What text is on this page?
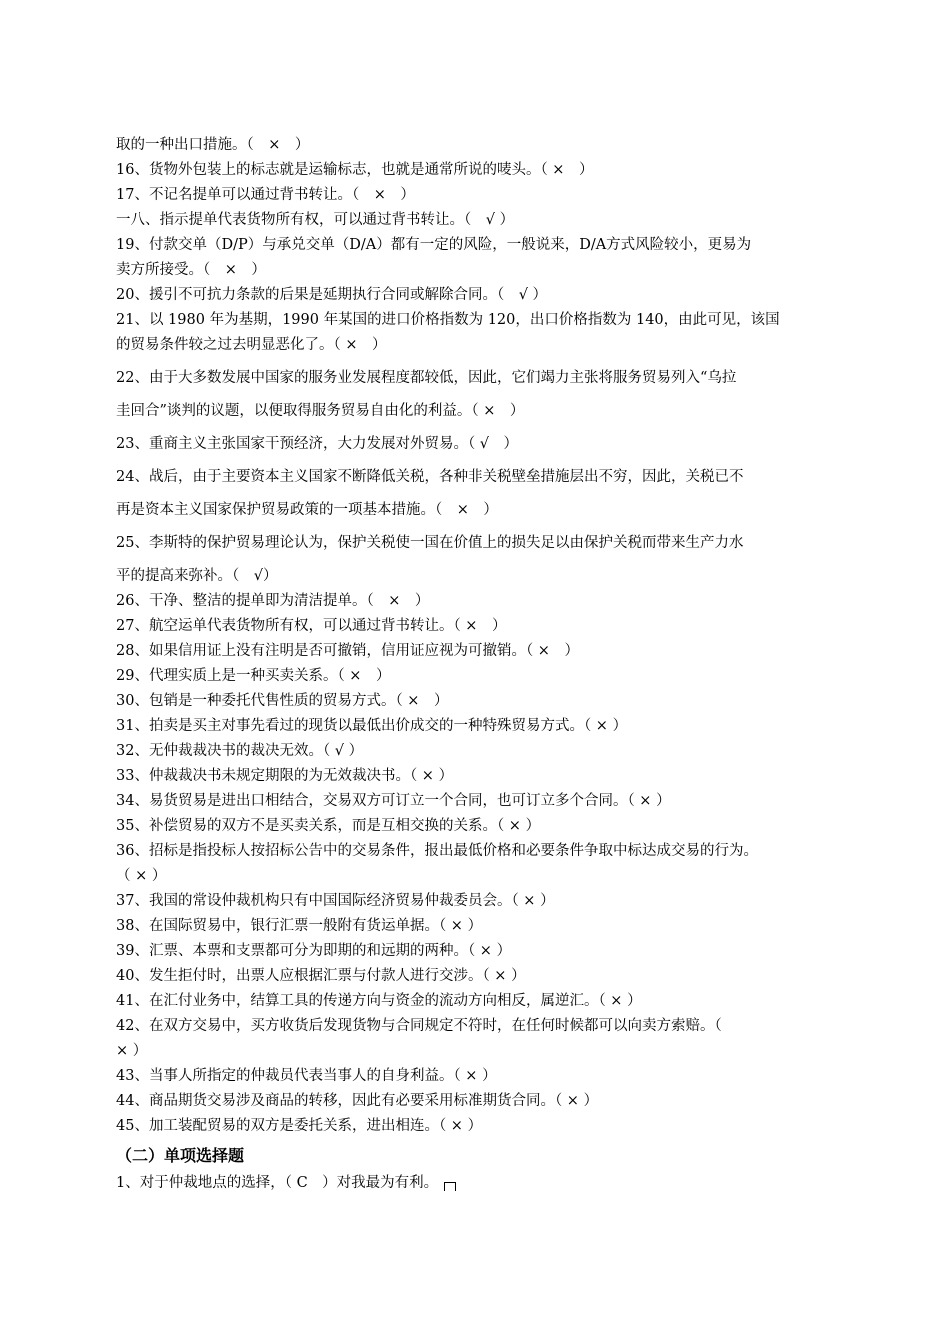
取的一种出口措施。（　×　）
16、货物外包装上的标志就是运输标志，也就是通常所说的唛头。（ ×　）
17、不记名提单可以通过背书转让。（　×　）
一八、指示提单代表货物所有权，可以通过背书转让。（　√ ）
19、付款交单（D/P）与承兑交单（D/A）都有一定的风险，一般说来，D/A方式风险较小，更易为
卖方所接受。（　×　）
20、援引不可抗力条款的后果是延期执行合同或解除合同。（　√ ）
21、以 1980 年为基期，1990 年某国的进口价格指数为 120，出口价格指数为 140，由此可见，该国
的贸易条件较之过去明显恶化了。（ ×　）
22、由于大多数发展中国家的服务业发展程度都较低，因此，它们竭力主张将服务贸易列入“乌拉
圭回合”谈判的议题，以便取得服务贸易自由化的利益。（ ×　）
23、重商主义主张国家干预经济，大力发展对外贸易。（ √　）
24、战后，由于主要资本主义国家不断降低关税，各种非关税壁垒措施层出不穷，因此，关税已不
再是资本主义国家保护贸易政策的一项基本措施。（　×　）
25、李斯特的保护贸易理论认为，保护关税使一国在价值上的损失足以由保护关税而带来生产力水
平的提高来弥补。（　√）
26、干净、整洁的提单即为清洁提单。（　×　）
27、航空运单代表货物所有权，可以通过背书转让。（ ×　）
28、如果信用证上没有注明是否可撤销，信用证应视为可撤销。（ ×　）
29、代理实质上是一种买卖关系。（ ×　）
30、包销是一种委托代售性质的贸易方式。（ ×　）
31、拍卖是买主对事先看过的现货以最低出价成交的一种特殊贸易方式。（ × ）
32、无仲裁裁决书的裁决无效。（ √ ）
33、仲裁裁决书未规定期限的为无效裁决书。（ × ）
34、易货贸易是进出口相结合，交易双方可订立一个合同，也可订立多个合同。（ × ）
35、补偿贸易的双方不是买卖关系，而是互相交换的关系。（ × ）
36、招标是指投标人按招标公告中的交易条件，报出最低价格和必要条件争取中标达成交易的行为。
（ × ）
37、我国的常设仲裁机构只有中国国际经济贸易仲裁委员会。（ × ）
38、在国际贸易中，银行汇票一般附有货运单据。（ × ）
39、汇票、本票和支票都可分为即期的和远期的两种。（ × ）
40、发生拒付时，出票人应根据汇票与付款人进行交涉。（ × ）
41、在汇付业务中，结算工具的传递方向与资金的流动方向相反，属逆汇。（ × ）
42、在双方交易中，买方收货后发现货物与合同规定不符时，在任何时候都可以向卖方索赔。（
× ）
43、当事人所指定的仲裁员代表当事人的自身利益。（ × ）
44、商品期货交易涉及商品的转移，因此有必要采用标准期货合同。（ × ）
45、加工装配贸易的双方是委托关系，进出相连。（ × ）
（二）单项选择题
1、对于仲裁地点的选择，（ C　）对我最为有利。
